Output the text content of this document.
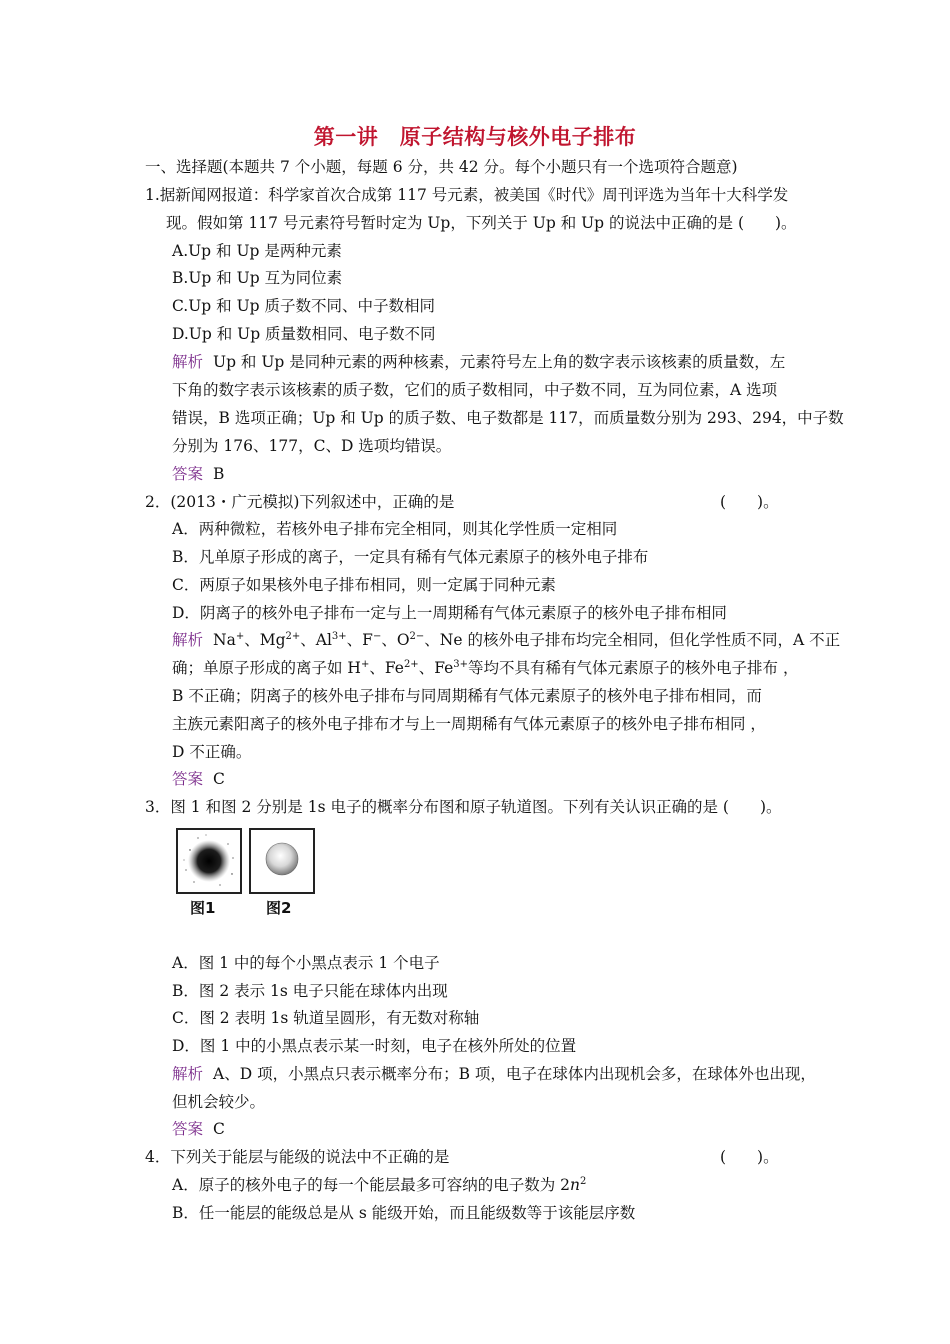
第一讲　原子结构与核外电子排布
一、选择题(本题共 7 个小题，每题 6 分，共 42 分。每个小题只有一个选项符合题意)
1.据新闻网报道：科学家首次合成第 117 号元素，被美国《时代》周刊评选为当年十大科学发
现。假如第 117 号元素符号暂时定为 Up，下列关于 Up 和 Up 的说法中正确的是 (　　)。
A.Up 和 Up 是两种元素
B.Up 和 Up 互为同位素
C.Up 和 Up 质子数不同、中子数相同
D.Up 和 Up 质量数相同、电子数不同
解析 Up 和 Up 是同种元素的两种核素，元素符号左上角的数字表示该核素的质量数，左
下角的数字表示该核素的质子数，它们的质子数相同，中子数不同，互为同位素，A 选项
错误，B 选项正确；Up 和 Up 的质子数、电子数都是 117，而质量数分别为 293、294，中子数
分别为 176、177，C、D 选项均错误。
答案 B
2．(2013・广元模拟)下列叙述中，正确的是	(　　)。
A．两种微粒，若核外电子排布完全相同，则其化学性质一定相同
B．凡单原子形成的离子，一定具有稀有气体元素原子的核外电子排布
C．两原子如果核外电子排布相同，则一定属于同种元素
D．阴离子的核外电子排布一定与上一周期稀有气体元素原子的核外电子排布相同
解析 Na+、$Mg^{2+}$、$Al^{3+}$、F−、$O^{2-}$、Ne 的核外电子排布均完全相同，但化学性质不同，A 不正
确；单原子形成的离子如 H+、$Fe^{2+}$、$Fe^{3+}$等均不具有稀有气体元素原子的核外电子排布 ，
B 不正确；阴离子的核外电子排布与同周期稀有气体元素原子的核外电子排布相同，而
主族元素阳离子的核外电子排布才与上一周期稀有气体元素原子的核外电子排布相同 ，
D 不正确。
答案 C
3．图 1 和图 2 分别是 1s 电子的概率分布图和原子轨道图。下列有关认识正确的是 (　　)。
图1	图2
A．图 1 中的每个小黑点表示 1 个电子
B．图 2 表示 1s 电子只能在球体内出现
C．图 2 表明 1s 轨道呈圆形，有无数对称轴
D．图 1 中的小黑点表示某一时刻，电子在核外所处的位置
解析 A、D 项，小黑点只表示概率分布；B 项，电子在球体内出现机会多，在球体外也出现，
但机会较少。
答案 C
4．下列关于能层与能级的说法中不正确的是	(　　)。
A．原子的核外电子的每一个能层最多可容纳的电子数为 $2n^2$
B．任一能层的能级总是从 s 能级开始，而且能级数等于该能层序数
